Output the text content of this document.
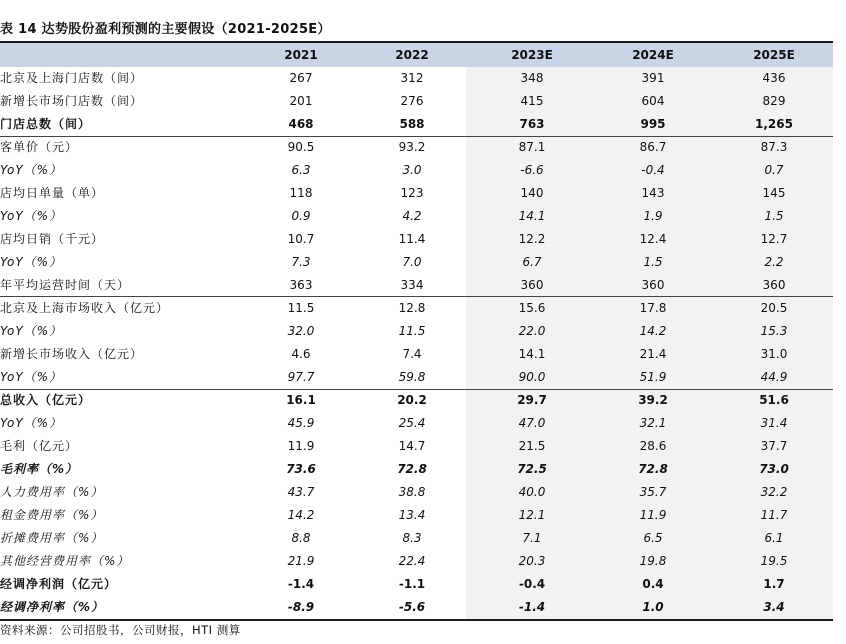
表 14 达势股份盈利预测的主要假设（2021-2025E）
2021	2022	2023E	2024E	2025E
北京及上海门店数（间）	267	312	348	391	436
新增长市场门店数（间）	201	276	415	604	829
门店总数（间）	468	588	763	995	1,265
客单价（元）	90.5	93.2	87.1	86.7	87.3
YoY（%）	6.3	3.0	-6.6	-0.4	0.7
店均日单量（单）	118	123	140	143	145
YoY（%）	0.9	4.2	14.1	1.9	1.5
店均日销（千元）	10.7	11.4	12.2	12.4	12.7
YoY（%）	7.3	7.0	6.7	1.5	2.2
年平均运营时间（天）	363	334	360	360	360
北京及上海市场收入（亿元）	11.5	12.8	15.6	17.8	20.5
YoY（%）	32.0	11.5	22.0	14.2	15.3
新增长市场收入（亿元）	4.6	7.4	14.1	21.4	31.0
YoY（%）	97.7	59.8	90.0	51.9	44.9
总收入（亿元）	16.1	20.2	29.7	39.2	51.6
YoY（%）	45.9	25.4	47.0	32.1	31.4
毛利（亿元）	11.9	14.7	21.5	28.6	37.7
毛利率（%）	73.6	72.8	72.5	72.8	73.0
人力费用率（%）	43.7	38.8	40.0	35.7	32.2
租金费用率（%）	14.2	13.4	12.1	11.9	11.7
折摊费用率（%）	8.8	8.3	7.1	6.5	6.1
其他经营费用率（%）	21.9	22.4	20.3	19.8	19.5
经调净利润（亿元）	-1.4	-1.1	-0.4	0.4	1.7
经调净利率（%）	-8.9	-5.6	-1.4	1.0	3.4
资料来源：公司招股书，公司财报，HTI 测算
